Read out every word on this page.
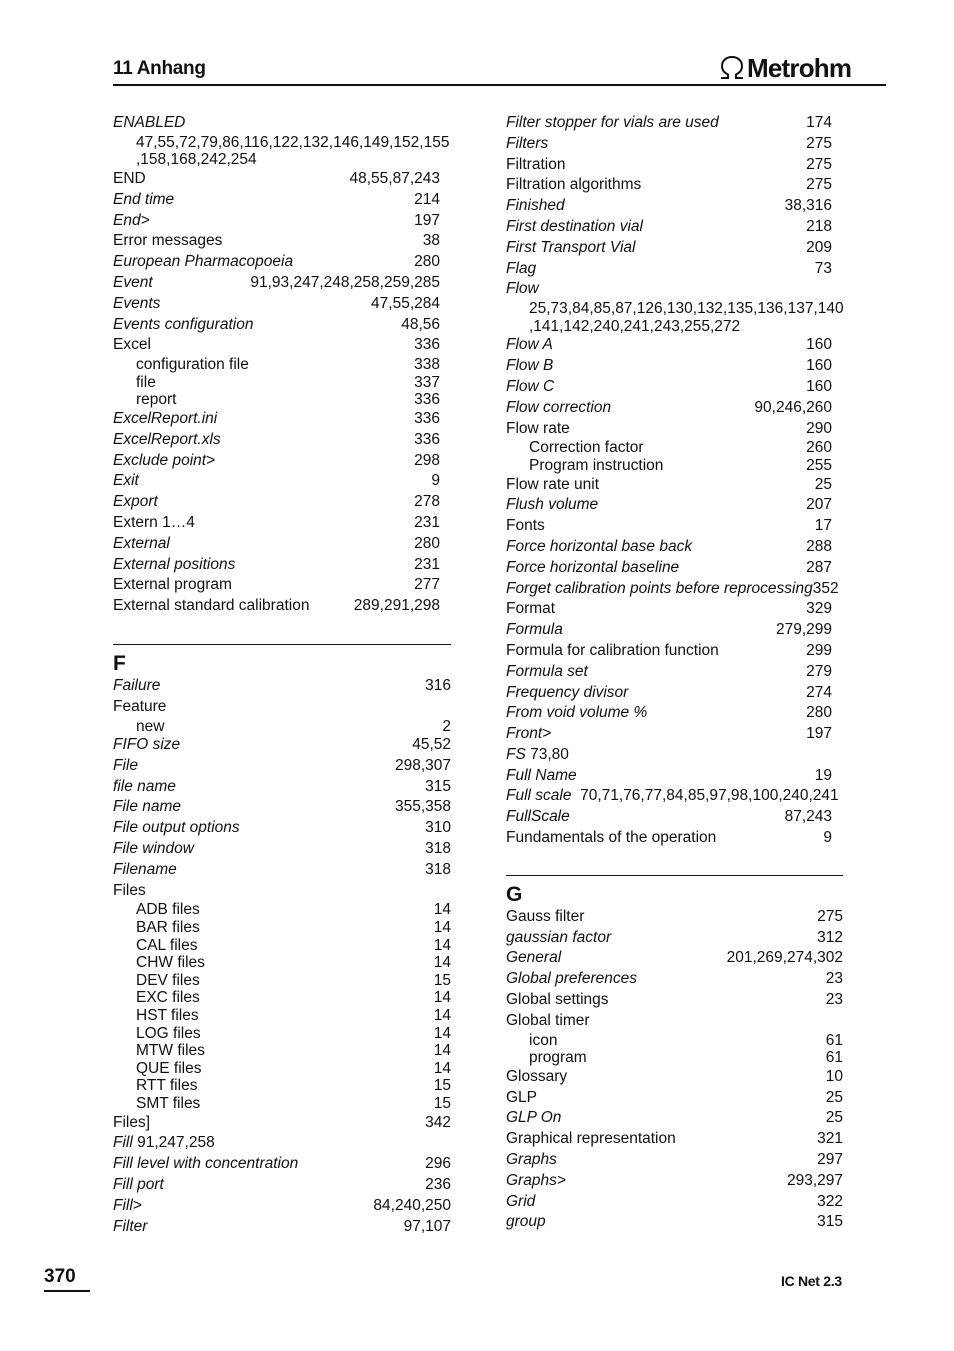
11 Anhang	Metrohm
ENABLED
47,55,72,79,86,116,122,132,146,149,152,155
,158,168,242,254
END	48,55,87,243
End time	214
End>	197
Error messages	38
European Pharmacopoeia	280
Event	91,93,247,248,258,259,285
Events	47,55,284
Events configuration	48,56
Excel	336
configuration file	338
file	337
report	336
ExcelReport.ini	336
ExcelReport.xls	336
Exclude point>	298
Exit	9
Export	278
Extern 1…4	231
External	280
External positions	231
External program	277
External standard calibration	289,291,298
F
Failure	316
Feature
new	2
FIFO size	45,52
File	298,307
file name	315
File name	355,358
File output options	310
File window	318
Filename	318
Files
ADB files	14
BAR files	14
CAL files	14
CHW files	14
DEV files	15
EXC files	14
HST files	14
LOG files	14
MTW files	14
QUE files	14
RTT files	15
SMT files	15
Files]	342
Fill 91,247,258
Fill level with concentration	296
Fill port	236
Fill>	84,240,250
Filter	97,107
Filter stopper for vials are used	174
Filters	275
Filtration	275
Filtration algorithms	275
Finished	38,316
First destination vial	218
First Transport Vial	209
Flag	73
Flow
25,73,84,85,87,126,130,132,135,136,137,140
,141,142,240,241,243,255,272
Flow A	160
Flow B	160
Flow C	160
Flow correction	90,246,260
Flow rate	290
Correction factor	260
Program instruction	255
Flow rate unit	25
Flush volume	207
Fonts	17
Force horizontal base back	288
Force horizontal baseline	287
Forget calibration points before reprocessing 352
Format	329
Formula	279,299
Formula for calibration function	299
Formula set	279
Frequency divisor	274
From void volume %	280
Front>	197
FS 73,80
Full Name	19
Full scale 70,71,76,77,84,85,97,98,100,240,241
FullScale	87,243
Fundamentals of the operation	9
G
Gauss filter	275
gaussian factor	312
General	201,269,274,302
Global preferences	23
Global settings	23
Global timer
icon	61
program	61
Glossary	10
GLP	25
GLP On	25
Graphical representation	321
Graphs	297
Graphs>	293,297
Grid	322
group	315
370	IC Net 2.3
